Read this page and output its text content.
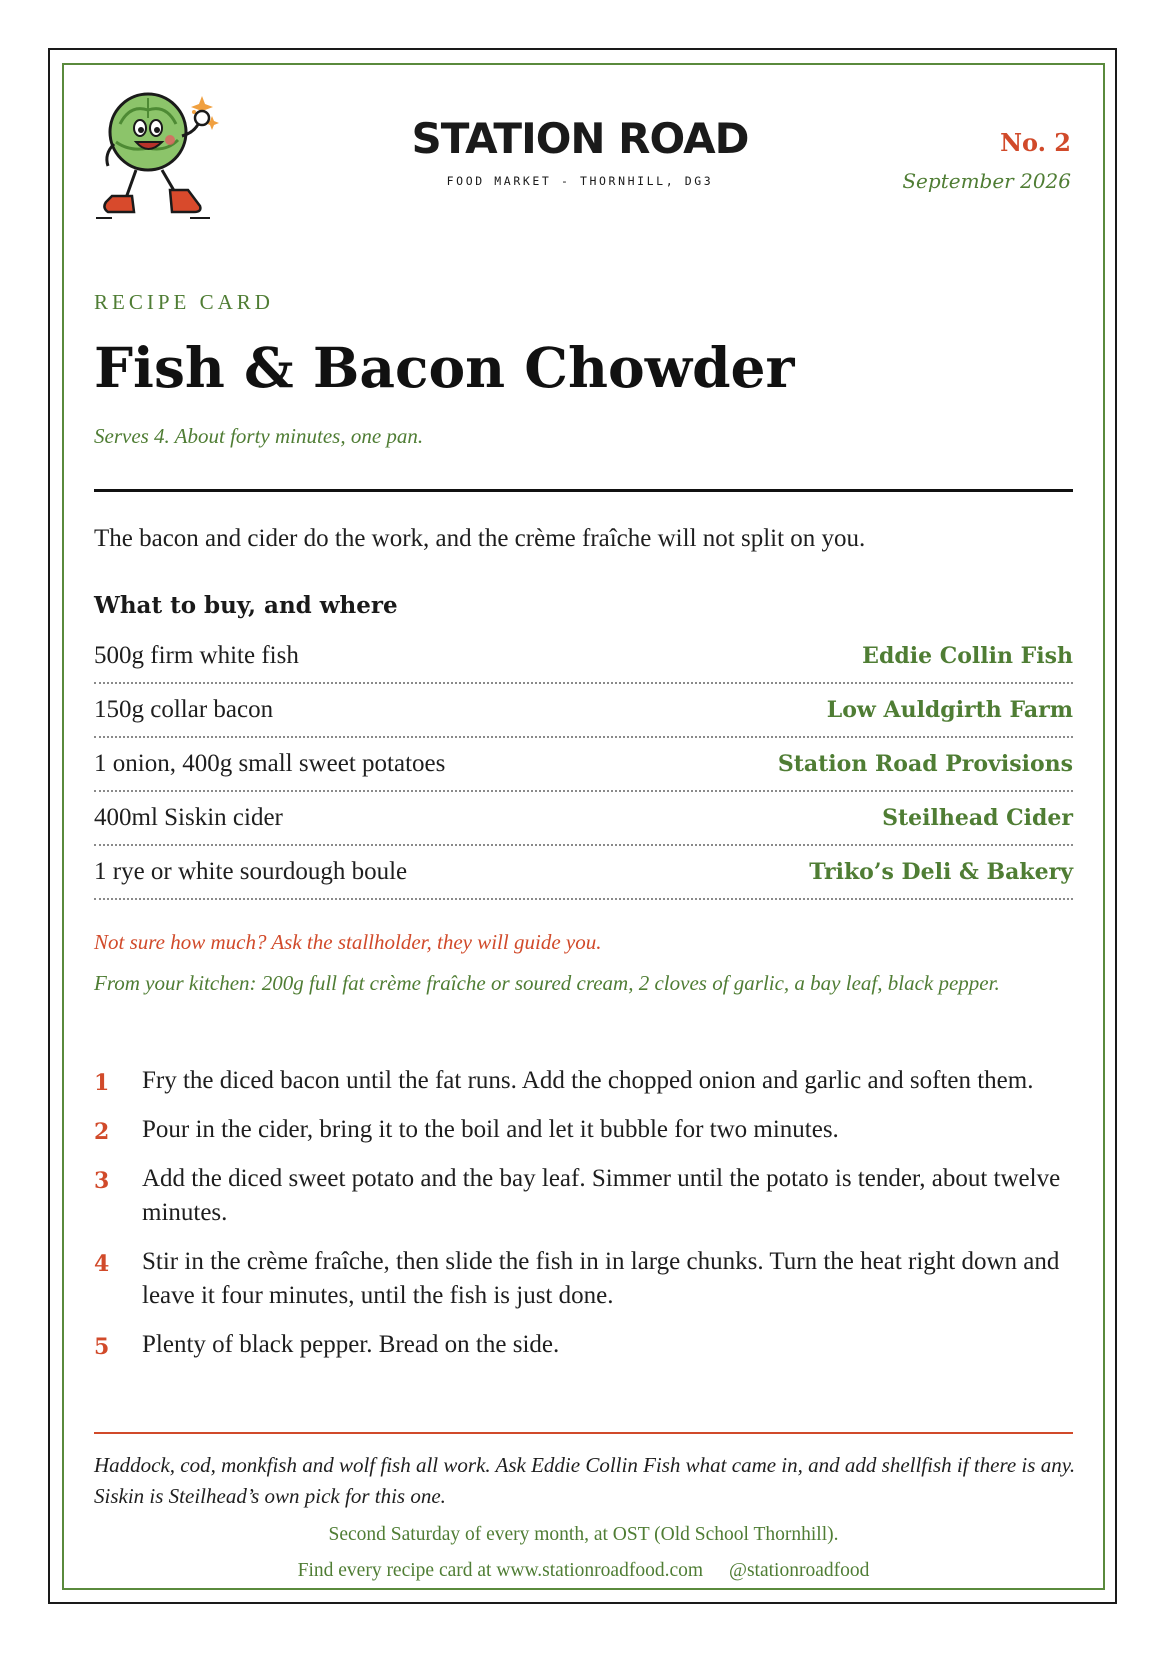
STATION ROAD
FOOD MARKET - THORNHILL, DG3
No. 2
September 2026
RECIPE CARD
Fish & Bacon Chowder
Serves 4. About forty minutes, one pan.
The bacon and cider do the work, and the crème fraîche will not split on you.
What to buy, and where
500g firm white fish	Eddie Collin Fish
150g collar bacon	Low Auldgirth Farm
1 onion, 400g small sweet potatoes	Station Road Provisions
400ml Siskin cider	Steilhead Cider
1 rye or white sourdough boule	Triko’s Deli & Bakery
Not sure how much? Ask the stallholder, they will guide you.
From your kitchen: 200g full fat crème fraîche or soured cream, 2 cloves of garlic, a bay leaf, black pepper.
1	Fry the diced bacon until the fat runs. Add the chopped onion and garlic and soften them.
2	Pour in the cider, bring it to the boil and let it bubble for two minutes.
3	Add the diced sweet potato and the bay leaf. Simmer until the potato is tender, about twelve minutes.
4	Stir in the crème fraîche, then slide the fish in in large chunks. Turn the heat right down and leave it four minutes, until the fish is just done.
5	Plenty of black pepper. Bread on the side.
Haddock, cod, monkfish and wolf fish all work. Ask Eddie Collin Fish what came in, and add shellfish if there is any. Siskin is Steilhead’s own pick for this one.
Second Saturday of every month, at OST (Old School Thornhill).
Find every recipe card at www.stationroadfood.com @stationroadfood
